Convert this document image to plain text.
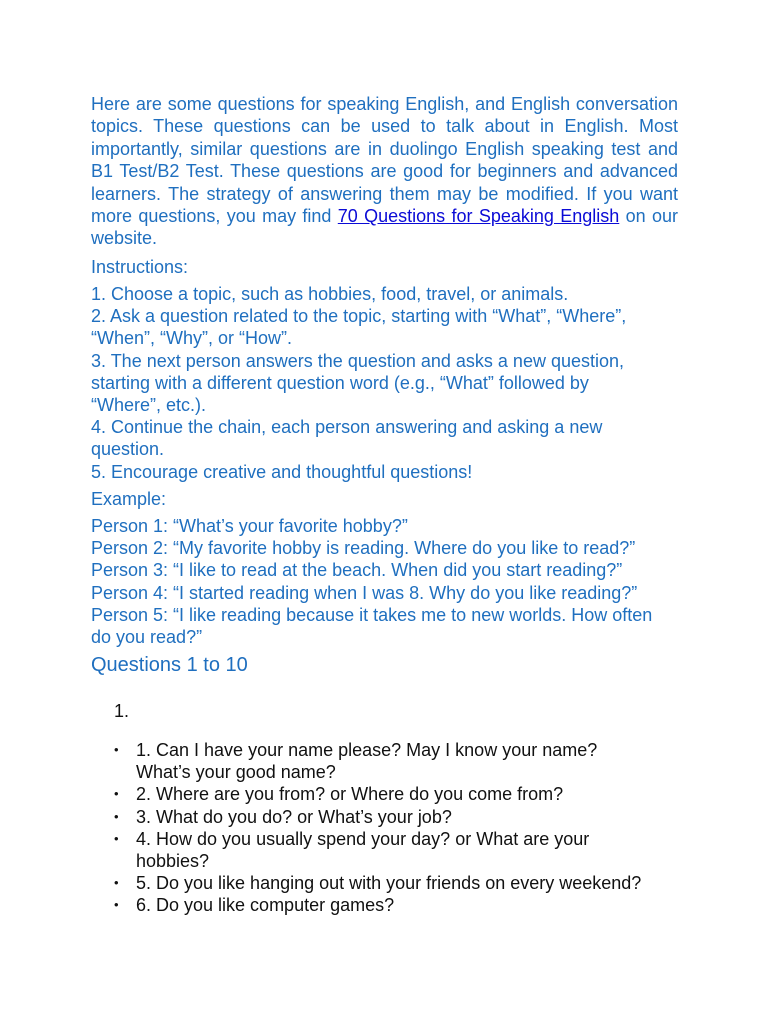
Here are some questions for speaking English, and English conversation topics. These questions can be used to talk about in English. Most importantly, similar questions are in duolingo English speaking test and B1 Test/B2 Test. These questions are good for beginners and advanced learners. The strategy of answering them may be modified. If you want more questions, you may find 70 Questions for Speaking English on our website.

Instructions:
1. Choose a topic, such as hobbies, food, travel, or animals.
2. Ask a question related to the topic, starting with “What”, “Where”,
“When”, “Why”, or “How”.
3. The next person answers the question and asks a new question,
starting with a different question word (e.g., “What” followed by
“Where”, etc.).
4. Continue the chain, each person answering and asking a new
question.
5. Encourage creative and thoughtful questions!
Example:
Person 1: “What’s your favorite hobby?”
Person 2: “My favorite hobby is reading. Where do you like to read?”
Person 3: “I like to read at the beach. When did you start reading?”
Person 4: “I started reading when I was 8. Why do you like reading?”
Person 5: “I like reading because it takes me to new worlds. How often
do you read?”
Questions 1 to 10
1.
• 1. Can I have your name please? May I know your name?
What’s your good name?
• 2. Where are you from? or Where do you come from?
• 3. What do you do? or What’s your job?
• 4. How do you usually spend your day? or What are your
hobbies?
• 5. Do you like hanging out with your friends on every weekend?
• 6. Do you like computer games?
